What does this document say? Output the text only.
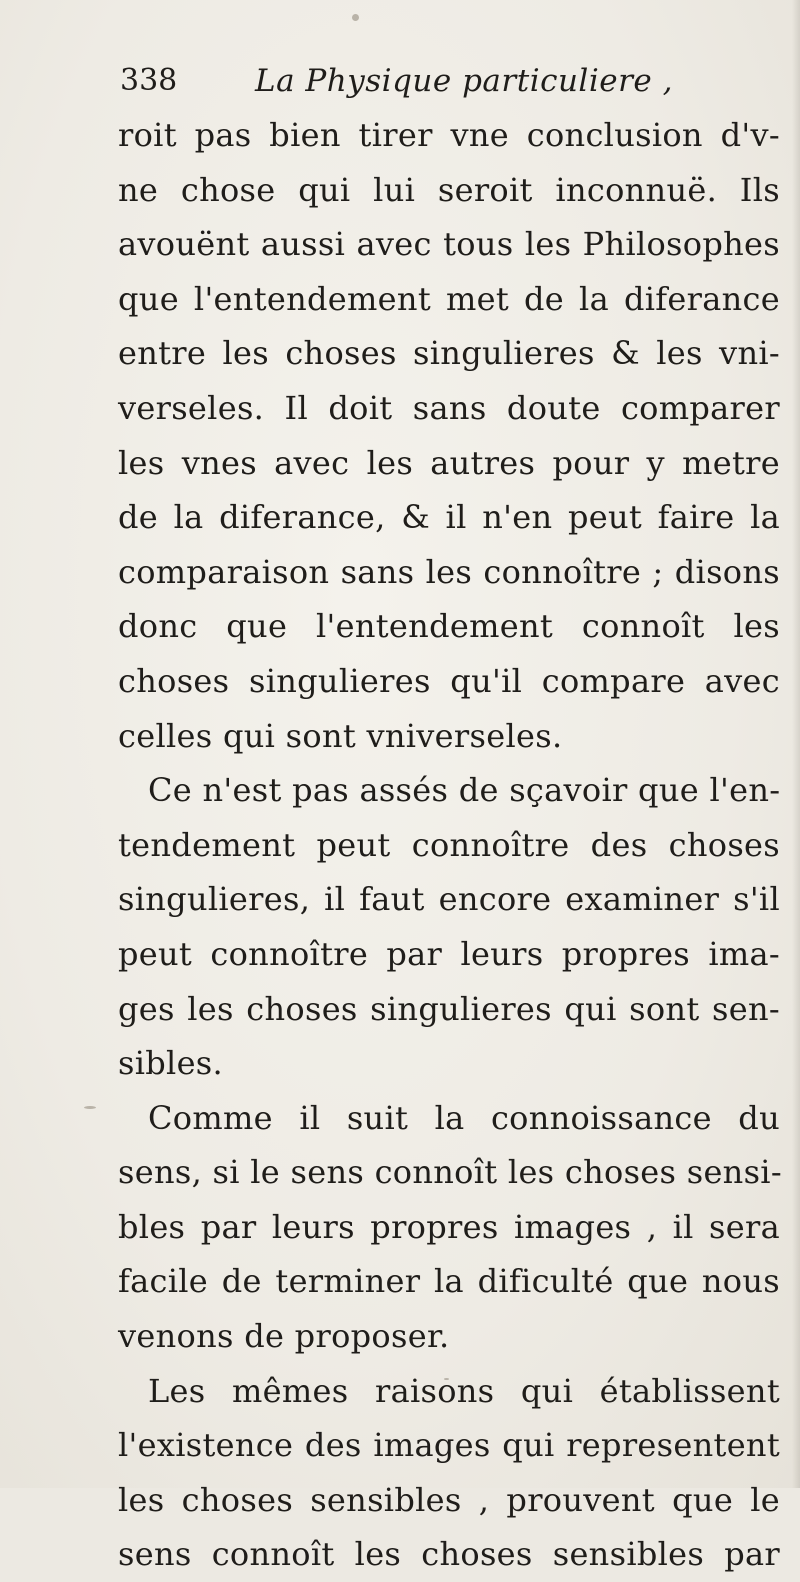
338	La Physique particuliere ,
roit pas bien tirer vne conclusion d'v-
ne chose qui lui seroit inconnuë. Ils
avouënt aussi avec tous les Philosophes
que l'entendement met de la diferance
entre les choses singulieres & les vni-
verseles. Il doit sans doute comparer
les vnes avec les autres pour y metre
de la diferance, & il n'en peut faire la
comparaison sans les connoître ; disons
donc que l'entendement connoît les
choses singulieres qu'il compare avec
celles qui sont vniverseles.
Ce n'est pas assés de sçavoir que l'en-
tendement peut connoître des choses
singulieres, il faut encore examiner s'il
peut connoître par leurs propres ima-
ges les choses singulieres qui sont sen-
sibles.
Comme il suit la connoissance du
sens, si le sens connoît les choses sensi-
bles par leurs propres images , il sera
facile de terminer la dificulté que nous
venons de proposer.
Les mêmes raisons qui établissent
l'existence des images qui representent
les choses sensibles , prouvent que le
sens connoît les choses sensibles par
